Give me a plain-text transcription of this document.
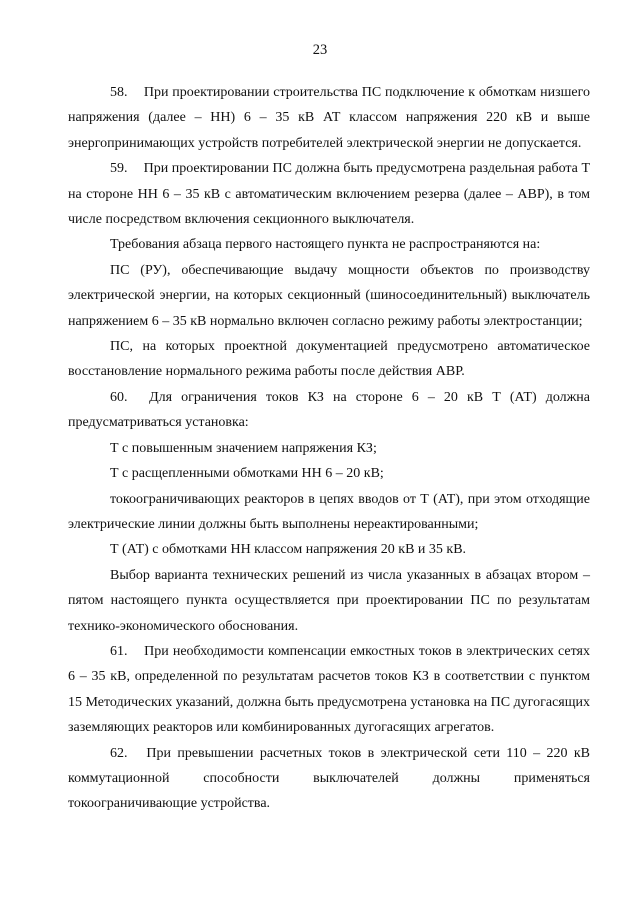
23

58. При проектировании строительства ПС подключение к обмоткам низшего напряжения (далее – НН) 6 – 35 кВ АТ классом напряжения 220 кВ и выше энергопринимающих устройств потребителей электрической энергии не допускается.

59. При проектировании ПС должна быть предусмотрена раздельная работа Т на стороне НН 6 – 35 кВ с автоматическим включением резерва (далее – АВР), в том числе посредством включения секционного выключателя.

Требования абзаца первого настоящего пункта не распространяются на:

ПС (РУ), обеспечивающие выдачу мощности объектов по производству электрической энергии, на которых секционный (шиносоединительный) выключатель напряжением 6 – 35 кВ нормально включен согласно режиму работы электростанции;

ПС, на которых проектной документацией предусмотрено автоматическое восстановление нормального режима работы после действия АВР.

60. Для ограничения токов КЗ на стороне 6 – 20 кВ Т (АТ) должна предусматриваться установка:

Т с повышенным значением напряжения КЗ;

Т с расщепленными обмотками НН 6 – 20 кВ;

токоограничивающих реакторов в цепях вводов от Т (АТ), при этом отходящие электрические линии должны быть выполнены нереактированными;

Т (АТ) с обмотками НН классом напряжения 20 кВ и 35 кВ.

Выбор варианта технических решений из числа указанных в абзацах втором – пятом настоящего пункта осуществляется при проектировании ПС по результатам технико-экономического обоснования.

61. При необходимости компенсации емкостных токов в электрических сетях 6 – 35 кВ, определенной по результатам расчетов токов КЗ в соответствии с пунктом 15 Методических указаний, должна быть предусмотрена установка на ПС дугогасящих заземляющих реакторов или комбинированных дугогасящих агрегатов.

62. При превышении расчетных токов в электрической сети 110 – 220 кВ коммутационной способности выключателей должны применяться токоограничивающие устройства.
